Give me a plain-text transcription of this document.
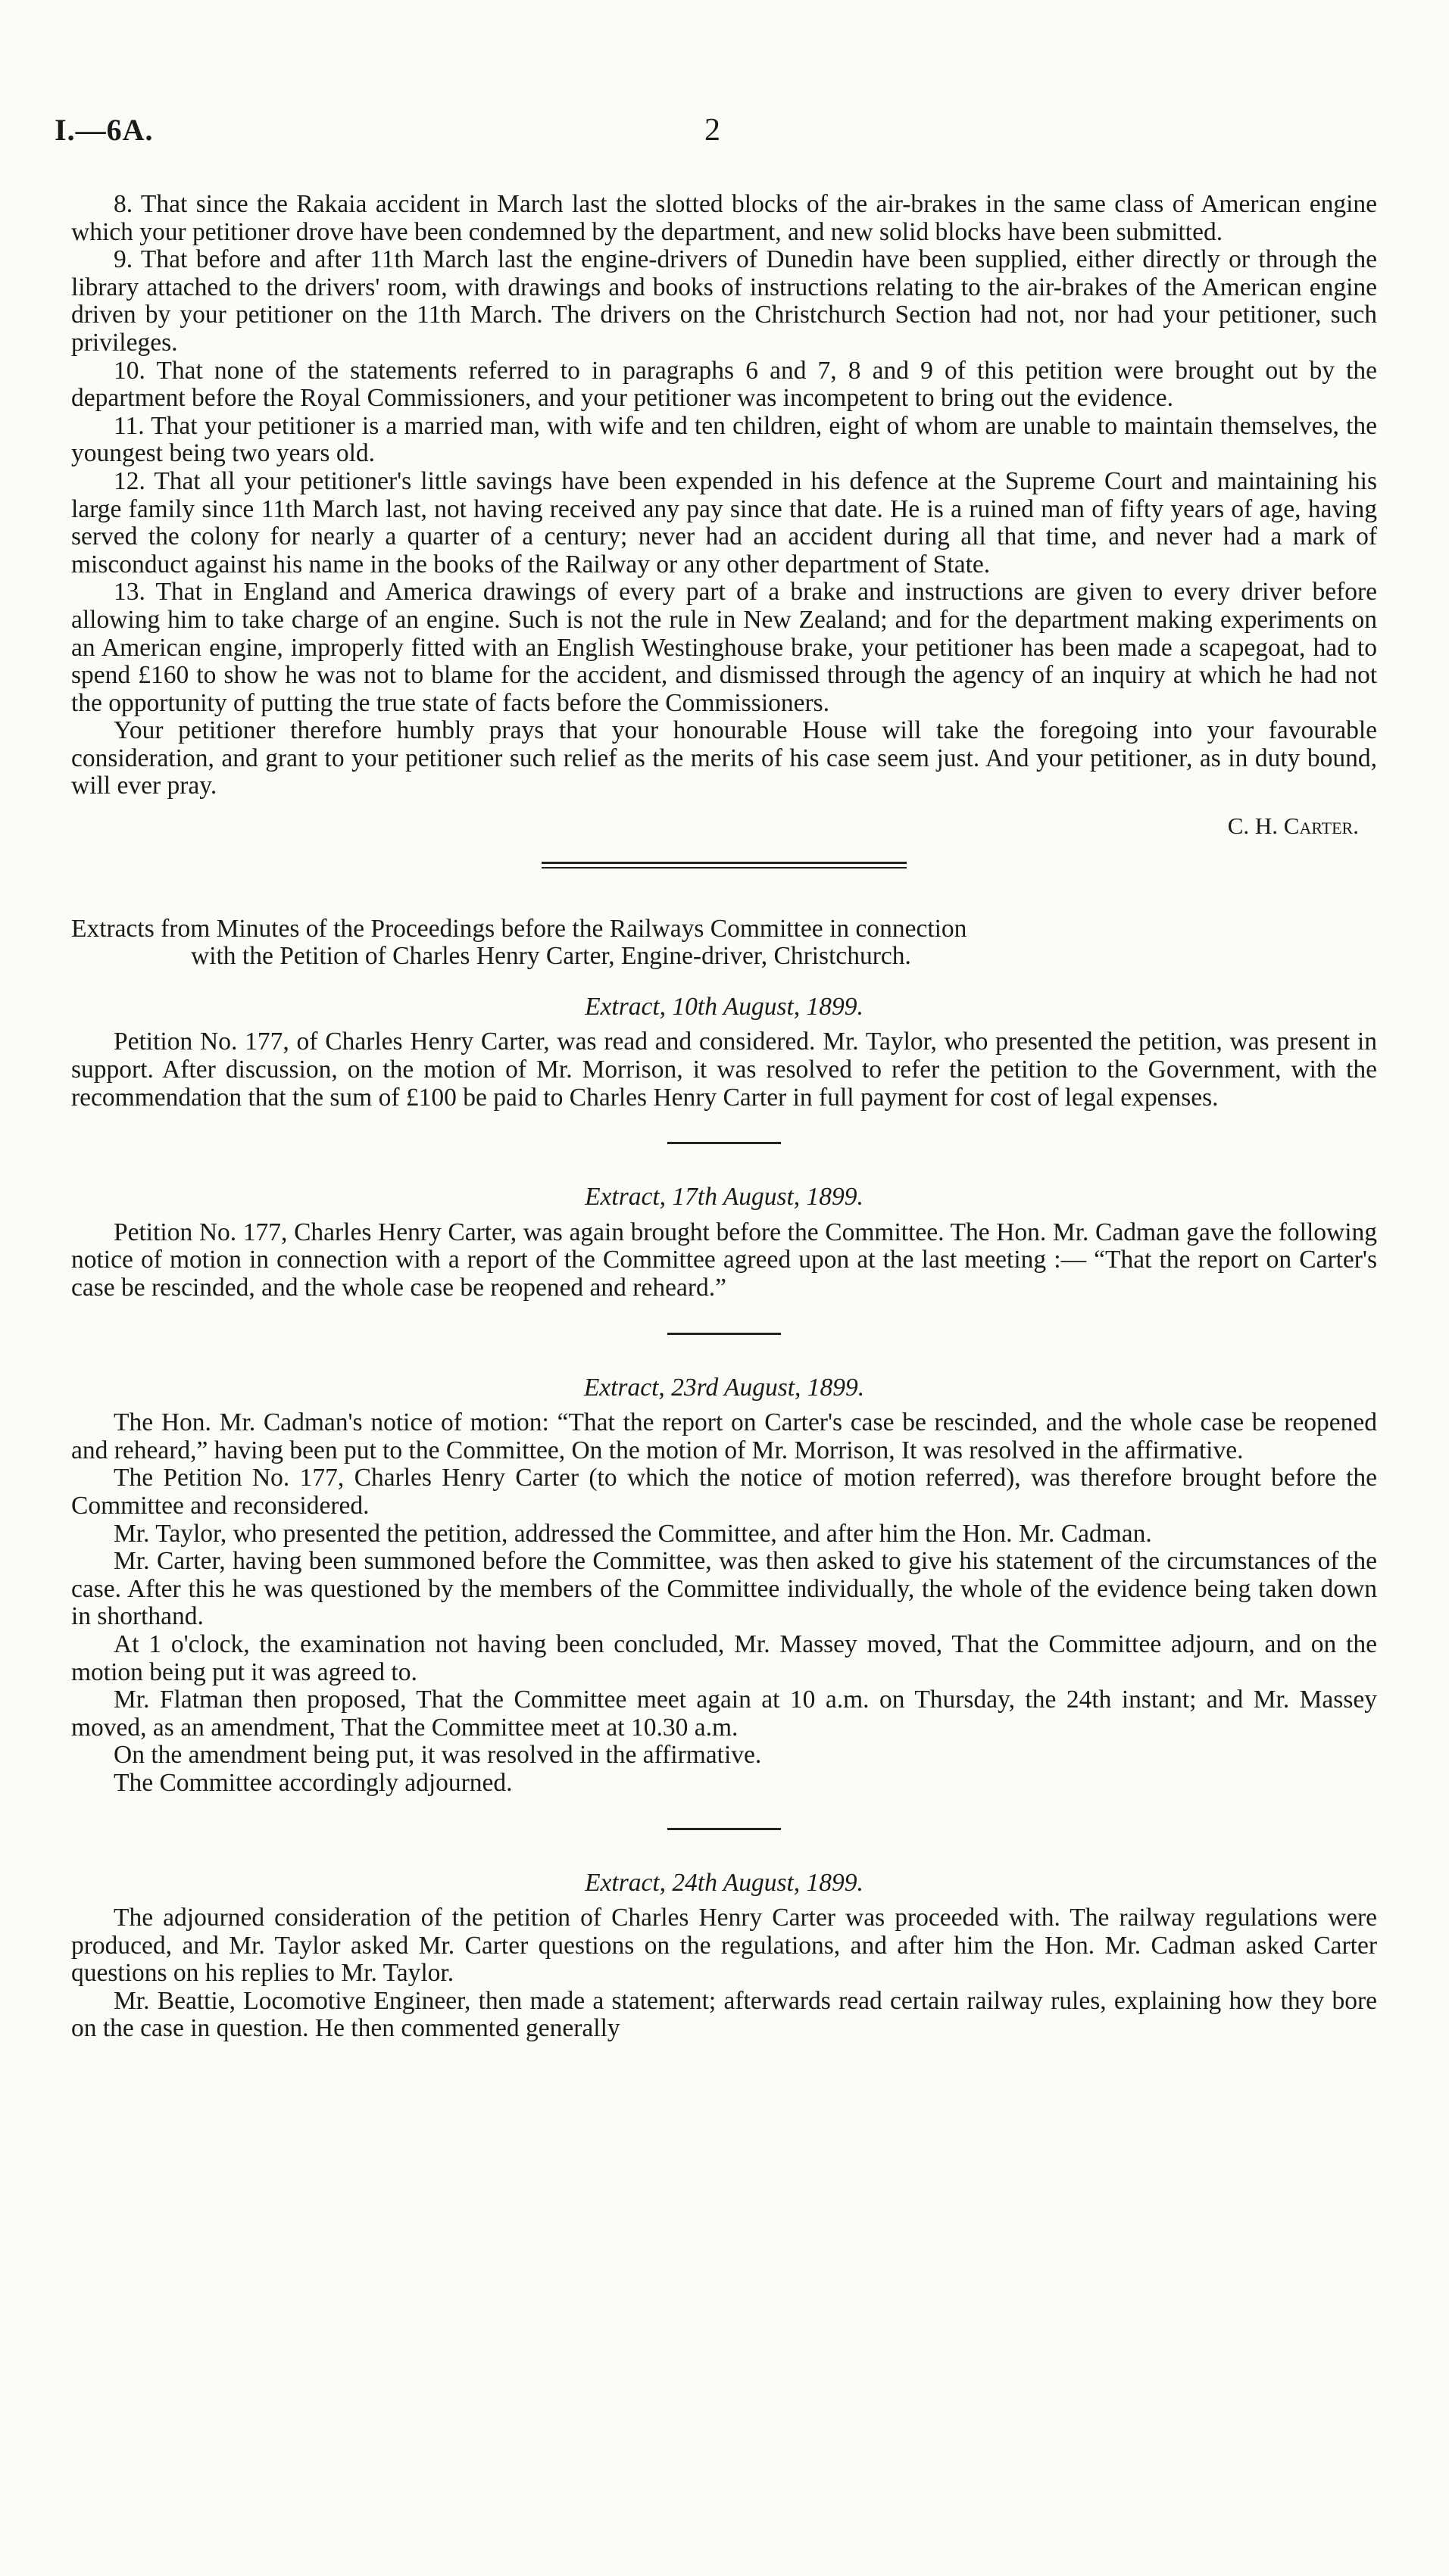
I.—6A.	2

8. That since the Rakaia accident in March last the slotted blocks of the air-brakes in the same class of American engine which your petitioner drove have been condemned by the department, and new solid blocks have been submitted.

9. That before and after 11th March last the engine-drivers of Dunedin have been supplied, either directly or through the library attached to the drivers' room, with drawings and books of instructions relating to the air-brakes of the American engine driven by your petitioner on the 11th March. The drivers on the Christchurch Section had not, nor had your petitioner, such privileges.

10. That none of the statements referred to in paragraphs 6 and 7, 8 and 9 of this petition were brought out by the department before the Royal Commissioners, and your petitioner was incompetent to bring out the evidence.

11. That your petitioner is a married man, with wife and ten children, eight of whom are unable to maintain themselves, the youngest being two years old.

12. That all your petitioner's little savings have been expended in his defence at the Supreme Court and maintaining his large family since 11th March last, not having received any pay since that date. He is a ruined man of fifty years of age, having served the colony for nearly a quarter of a century; never had an accident during all that time, and never had a mark of misconduct against his name in the books of the Railway or any other department of State.

13. That in England and America drawings of every part of a brake and instructions are given to every driver before allowing him to take charge of an engine. Such is not the rule in New Zealand; and for the department making experiments on an American engine, improperly fitted with an English Westinghouse brake, your petitioner has been made a scapegoat, had to spend £160 to show he was not to blame for the accident, and dismissed through the agency of an inquiry at which he had not the opportunity of putting the true state of facts before the Commissioners.

Your petitioner therefore humbly prays that your honourable House will take the foregoing into your favourable consideration, and grant to your petitioner such relief as the merits of his case seem just. And your petitioner, as in duty bound, will ever pray.

C. H. Carter.

Extracts from Minutes of the Proceedings before the Railways Committee in connection

with the Petition of Charles Henry Carter, Engine-driver, Christchurch.

Extract, 10th August, 1899.

Petition No. 177, of Charles Henry Carter, was read and considered. Mr. Taylor, who presented the petition, was present in support. After discussion, on the motion of Mr. Morrison, it was resolved to refer the petition to the Government, with the recommendation that the sum of £100 be paid to Charles Henry Carter in full payment for cost of legal expenses.

Extract, 17th August, 1899.

Petition No. 177, Charles Henry Carter, was again brought before the Committee. The Hon. Mr. Cadman gave the following notice of motion in connection with a report of the Committee agreed upon at the last meeting :— “That the report on Carter's case be rescinded, and the whole case be reopened and reheard.”

Extract, 23rd August, 1899.

The Hon. Mr. Cadman's notice of motion: “That the report on Carter's case be rescinded, and the whole case be reopened and reheard,” having been put to the Committee, On the motion of Mr. Morrison, It was resolved in the affirmative.

The Petition No. 177, Charles Henry Carter (to which the notice of motion referred), was therefore brought before the Committee and reconsidered.

Mr. Taylor, who presented the petition, addressed the Committee, and after him the Hon. Mr. Cadman.

Mr. Carter, having been summoned before the Committee, was then asked to give his statement of the circumstances of the case. After this he was questioned by the members of the Committee individually, the whole of the evidence being taken down in shorthand.

At 1 o'clock, the examination not having been concluded, Mr. Massey moved, That the Committee adjourn, and on the motion being put it was agreed to.

Mr. Flatman then proposed, That the Committee meet again at 10 a.m. on Thursday, the 24th instant; and Mr. Massey moved, as an amendment, That the Committee meet at 10.30 a.m.

On the amendment being put, it was resolved in the affirmative.

The Committee accordingly adjourned.

Extract, 24th August, 1899.

The adjourned consideration of the petition of Charles Henry Carter was proceeded with. The railway regulations were produced, and Mr. Taylor asked Mr. Carter questions on the regulations, and after him the Hon. Mr. Cadman asked Carter questions on his replies to Mr. Taylor.

Mr. Beattie, Locomotive Engineer, then made a statement; afterwards read certain railway rules, explaining how they bore on the case in question. He then commented generally
